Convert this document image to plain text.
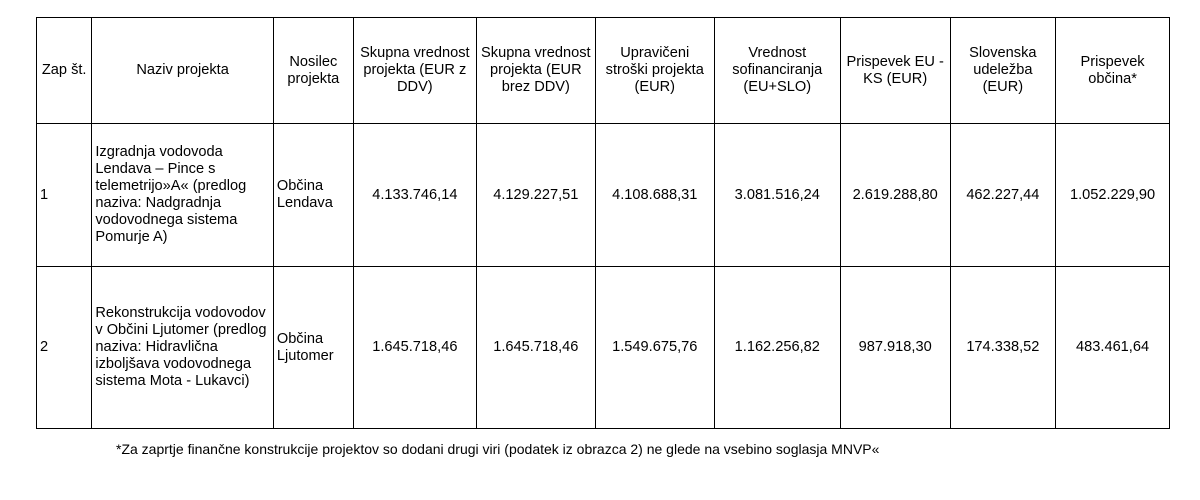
Zap št.	Naziv projekta	Nosilec projekta	Skupna vrednost projekta (EUR z DDV)	Skupna vrednost projekta (EUR brez DDV)	Upravičeni stroški projekta (EUR)	Vrednost sofinanciranja (EU+SLO)	Prispevek EU - KS (EUR)	Slovenska udeležba (EUR)	Prispevek občina*
1	Izgradnja vodovoda Lendava – Pince s telemetrijo»A« (predlog naziva: Nadgradnja vodovodnega sistema Pomurje A)	Občina Lendava	4.133.746,14	4.129.227,51	4.108.688,31	3.081.516,24	2.619.288,80	462.227,44	1.052.229,90
2	Rekonstrukcija vodovodov v Občini Ljutomer (predlog naziva: Hidravlična izboljšava vodovodnega sistema Mota - Lukavci)	Občina Ljutomer	1.645.718,46	1.645.718,46	1.549.675,76	1.162.256,82	987.918,30	174.338,52	483.461,64
*Za zaprtje finančne konstrukcije projektov so dodani drugi viri (podatek iz obrazca 2) ne glede na vsebino soglasja MNVP«
